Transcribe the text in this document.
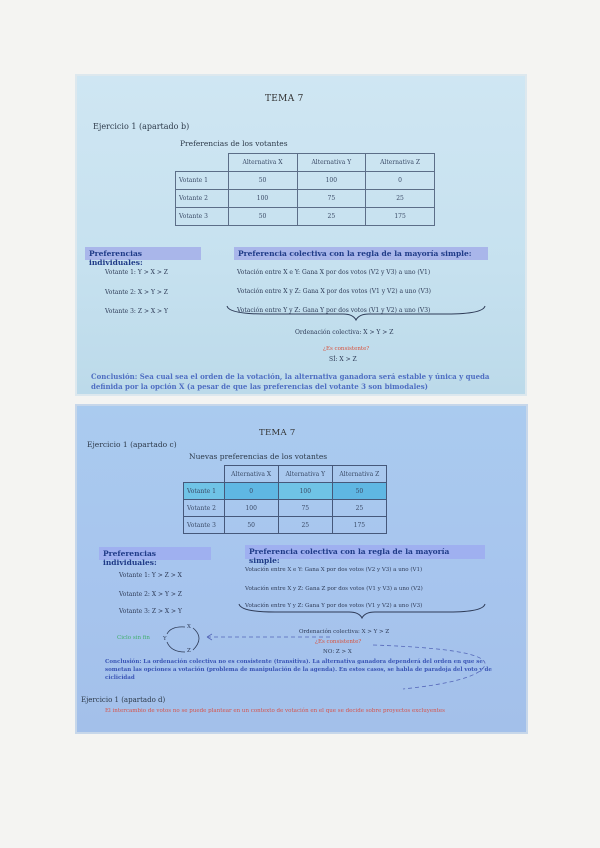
TEMA 7
Ejercicio 1 (apartado b)
Preferencias de los votantes
	Alternativa X	Alternativa Y	Alternativa Z
Votante 1	50	100	0
Votante 2	100	75	25
Votante 3	50	25	175
Preferencias individuales:
Preferencia colectiva con la regla de la mayoría simple:
Votante 1: Y > X > Z
Votante 2: X > Y > Z
Votante 3: Z > X > Y
Votación entre X e Y: Gana X por dos votos (V2 y V3) a uno (V1)
Votación entre X y Z: Gana X por dos votos (V1 y V2) a uno (V3)
Votación entre Y y Z: Gana Y por dos votos (V1 y V2) a uno (V3)
Ordenación colectiva: X > Y > Z
¿Es consistente?
SÍ: X > Z
Conclusión: Sea cual sea el orden de la votación, la alternativa ganadora será estable y única y queda definida por la opción X (a pesar de que las preferencias del votante 3 son bimodales)
TEMA 7
Ejercicio 1 (apartado c)
Nuevas preferencias de los votantes
	Alternativa X	Alternativa Y	Alternativa Z
Votante 1	0	100	50
Votante 2	100	75	25
Votante 3	50	25	175
Preferencias individuales:
Preferencia colectiva con la regla de la mayoría simple:
Votante 1: Y > Z > X
Votante 2: X > Y > Z
Votante 3: Z > X > Y
Votación entre X e Y: Gana X por dos votos (V2 y V3) a uno (V1)
Votación entre X y Z: Gana Z por dos votos (V1 y V3) a uno (V2)
Votación entre Y y Z: Gana Y por dos votos (V1 y V2) a uno (V3)
Ciclo sin fin
X
Y
Z
Ordenación colectiva: X > Y > Z
¿Es consistente?
NO: Z > X
Conclusión: La ordenación colectiva no es consistente (transitiva). La alternativa ganadora dependerá del orden en que se sometan las opciones a votación (problema de manipulación de la agenda). En estos casos, se habla de paradoja del voto y de ciclicidad
Ejercicio 1 (apartado d)
El intercambio de votos no se puede plantear en un contexto de votación en el que se decide sobre proyectos excluyentes
